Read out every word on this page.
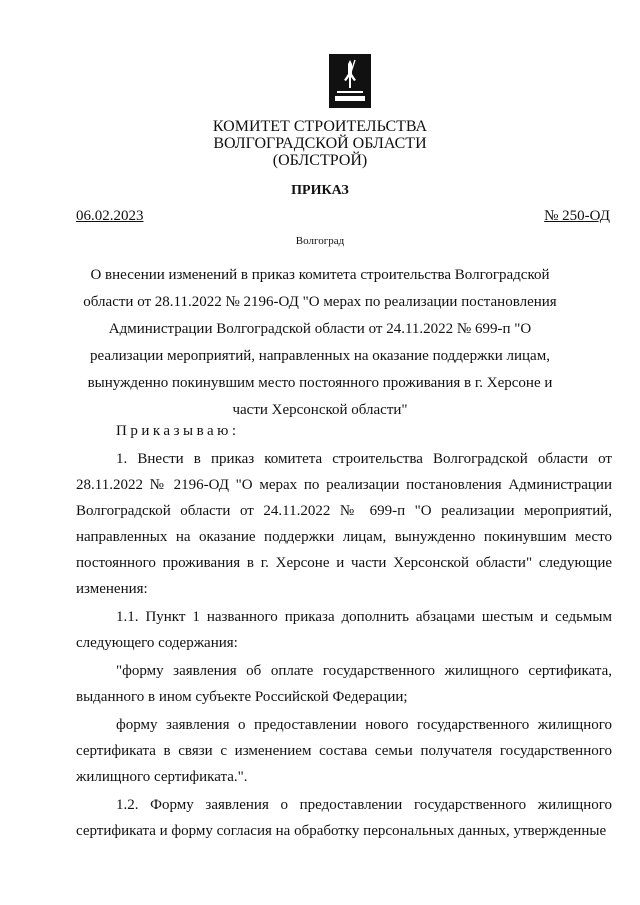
КОМИТЕТ СТРОИТЕЛЬСТВА
ВОЛГОГРАДСКОЙ ОБЛАСТИ
(ОБЛСТРОЙ)
ПРИКАЗ
06.02.2023	№ 250-ОД
Волгоград
О внесении изменений в приказ комитета строительства Волгоградской области от 28.11.2022 № 2196-ОД "О мерах по реализации постановления Администрации Волгоградской области от 24.11.2022 № 699-п "О реализации мероприятий, направленных на оказание поддержки лицам, вынужденно покинувшим место постоянного проживания в г. Херсоне и части Херсонской области"

Приказываю:

1. Внести в приказ комитета строительства Волгоградской области от 28.11.2022 № 2196-ОД "О мерах по реализации постановления Администрации Волгоградской области от 24.11.2022 № 699-п "О реализации мероприятий, направленных на оказание поддержки лицам, вынужденно покинувшим место постоянного проживания в г. Херсоне и части Херсонской области" следующие изменения:

1.1. Пункт 1 названного приказа дополнить абзацами шестым и седьмым следующего содержания:

"форму заявления об оплате государственного жилищного сертификата, выданного в ином субъекте Российской Федерации;

форму заявления о предоставлении нового государственного жилищного сертификата в связи с изменением состава семьи получателя государственного жилищного сертификата.".

1.2. Форму заявления о предоставлении государственного жилищного сертификата и форму согласия на обработку персональных данных, утвержденные
